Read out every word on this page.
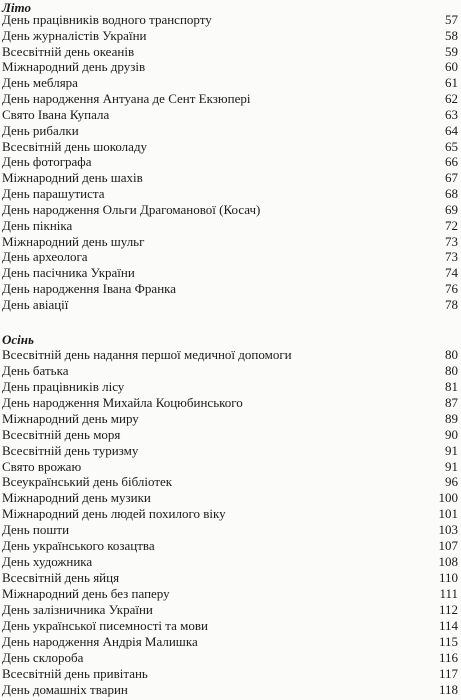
Літо
День працівників водного транспорту	57
День журналістів України	58
Всесвітній день океанів	59
Міжнародний день друзів	60
День мебляра	61
День народження Антуана де Сент Екзюпері	62
Свято Івана Купала	63
День рибалки	64
Всесвітній день шоколаду	65
День фотографа	66
Міжнародний день шахів	67
День парашутиста	68
День народження Ольги Драгоманової (Косач)	69
День пікніка	72
Міжнародний день шульг	73
День археолога	73
День пасічника України	74
День народження Івана Франка	76
День авіації	78
Осінь
Всесвітній день надання першої медичної допомоги	80
День батька	80
День працівників лісу	81
День народження Михайла Коцюбинського	87
Міжнародний день миру	89
Всесвітній день моря	90
Всесвітній день туризму	91
Свято врожаю	91
Всеукраїнський день бібліотек	96
Міжнародний день музики	100
Міжнародний день людей похилого віку	101
День пошти	103
День українського козацтва	107
День художника	108
Всесвітній день яйця	110
Міжнародний день без паперу	111
День залізничника України	112
День української писемності та мови	114
День народження Андрія Малишка	115
День склороба	116
Всесвітній день привітань	117
День домашніх тварин	118
